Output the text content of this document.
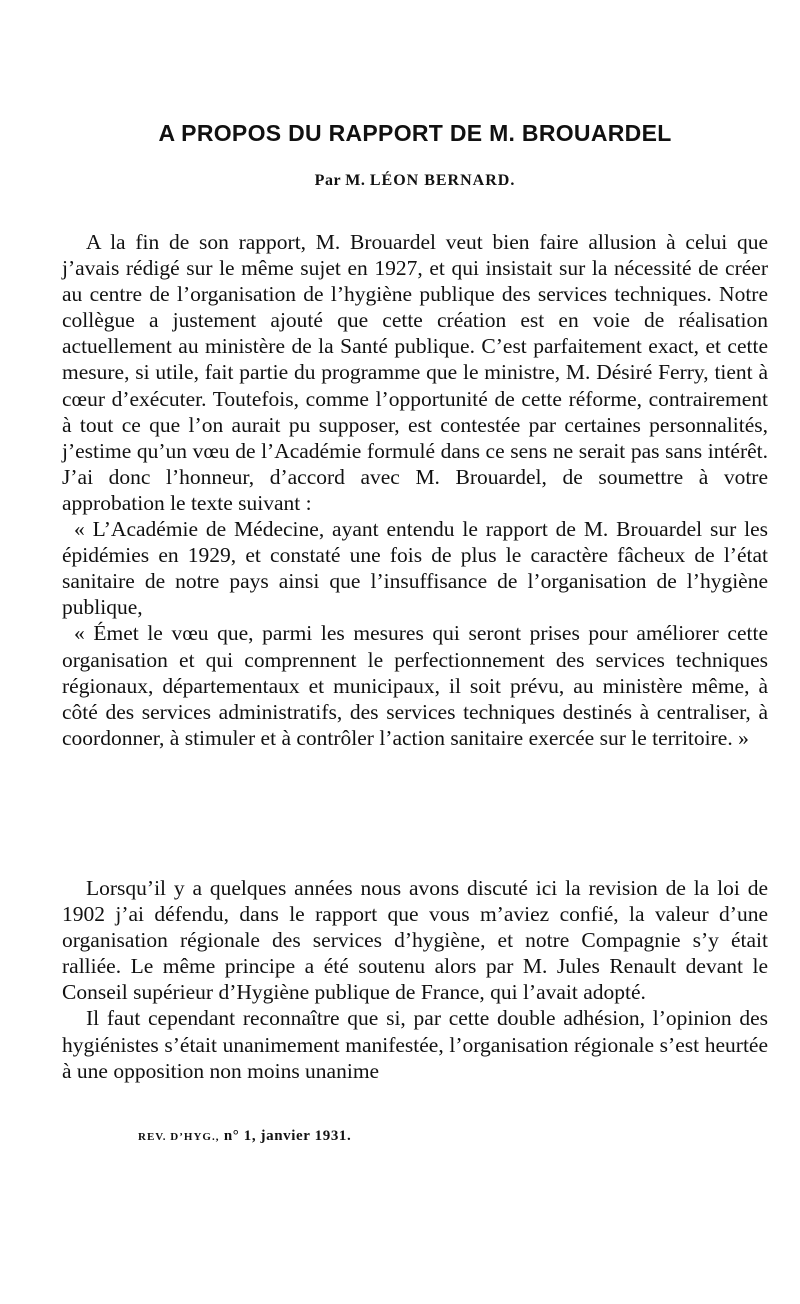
A PROPOS DU RAPPORT DE M. BROUARDEL

Par M. LÉON BERNARD.

A la fin de son rapport, M. Brouardel veut bien faire allusion à celui que j’avais rédigé sur le même sujet en 1927, et qui insistait sur la nécessité de créer au centre de l’organisation de l’hygiène publique des services techniques. Notre collègue a justement ajouté que cette création est en voie de réalisation actuellement au ministère de la Santé publique. C’est parfaitement exact, et cette mesure, si utile, fait partie du programme que le ministre, M. Désiré Ferry, tient à cœur d’exécuter. Toutefois, comme l’opportunité de cette réforme, contrairement à tout ce que l’on aurait pu supposer, est contestée par certaines personnalités, j’estime qu’un vœu de l’Académie formulé dans ce sens ne serait pas sans intérêt. J’ai donc l’honneur, d’accord avec M. Brouardel, de soumettre à votre approbation le texte suivant :

« L’Académie de Médecine, ayant entendu le rapport de M. Brouardel sur les épidémies en 1929, et constaté une fois de plus le caractère fâcheux de l’état sanitaire de notre pays ainsi que l’insuffisance de l’organisation de l’hygiène publique,

« Émet le vœu que, parmi les mesures qui seront prises pour améliorer cette organisation et qui comprennent le perfectionnement des services techniques régionaux, départementaux et municipaux, il soit prévu, au ministère même, à côté des services administratifs, des services techniques destinés à centraliser, à coordonner, à stimuler et à contrôler l’action sanitaire exercée sur le territoire. »

Lorsqu’il y a quelques années nous avons discuté ici la revision de la loi de 1902 j’ai défendu, dans le rapport que vous m’aviez confié, la valeur d’une organisation régionale des services d’hygiène, et notre Compagnie s’y était ralliée. Le même principe a été soutenu alors par M. Jules Renault devant le Conseil supérieur d’Hygiène publique de France, qui l’avait adopté.

Il faut cependant reconnaître que si, par cette double adhésion, l’opinion des hygiénistes s’était unanimement manifestée, l’organisation régionale s’est heurtée à une opposition non moins unanime

REV. D’HYG., n° 1, janvier 1931.
